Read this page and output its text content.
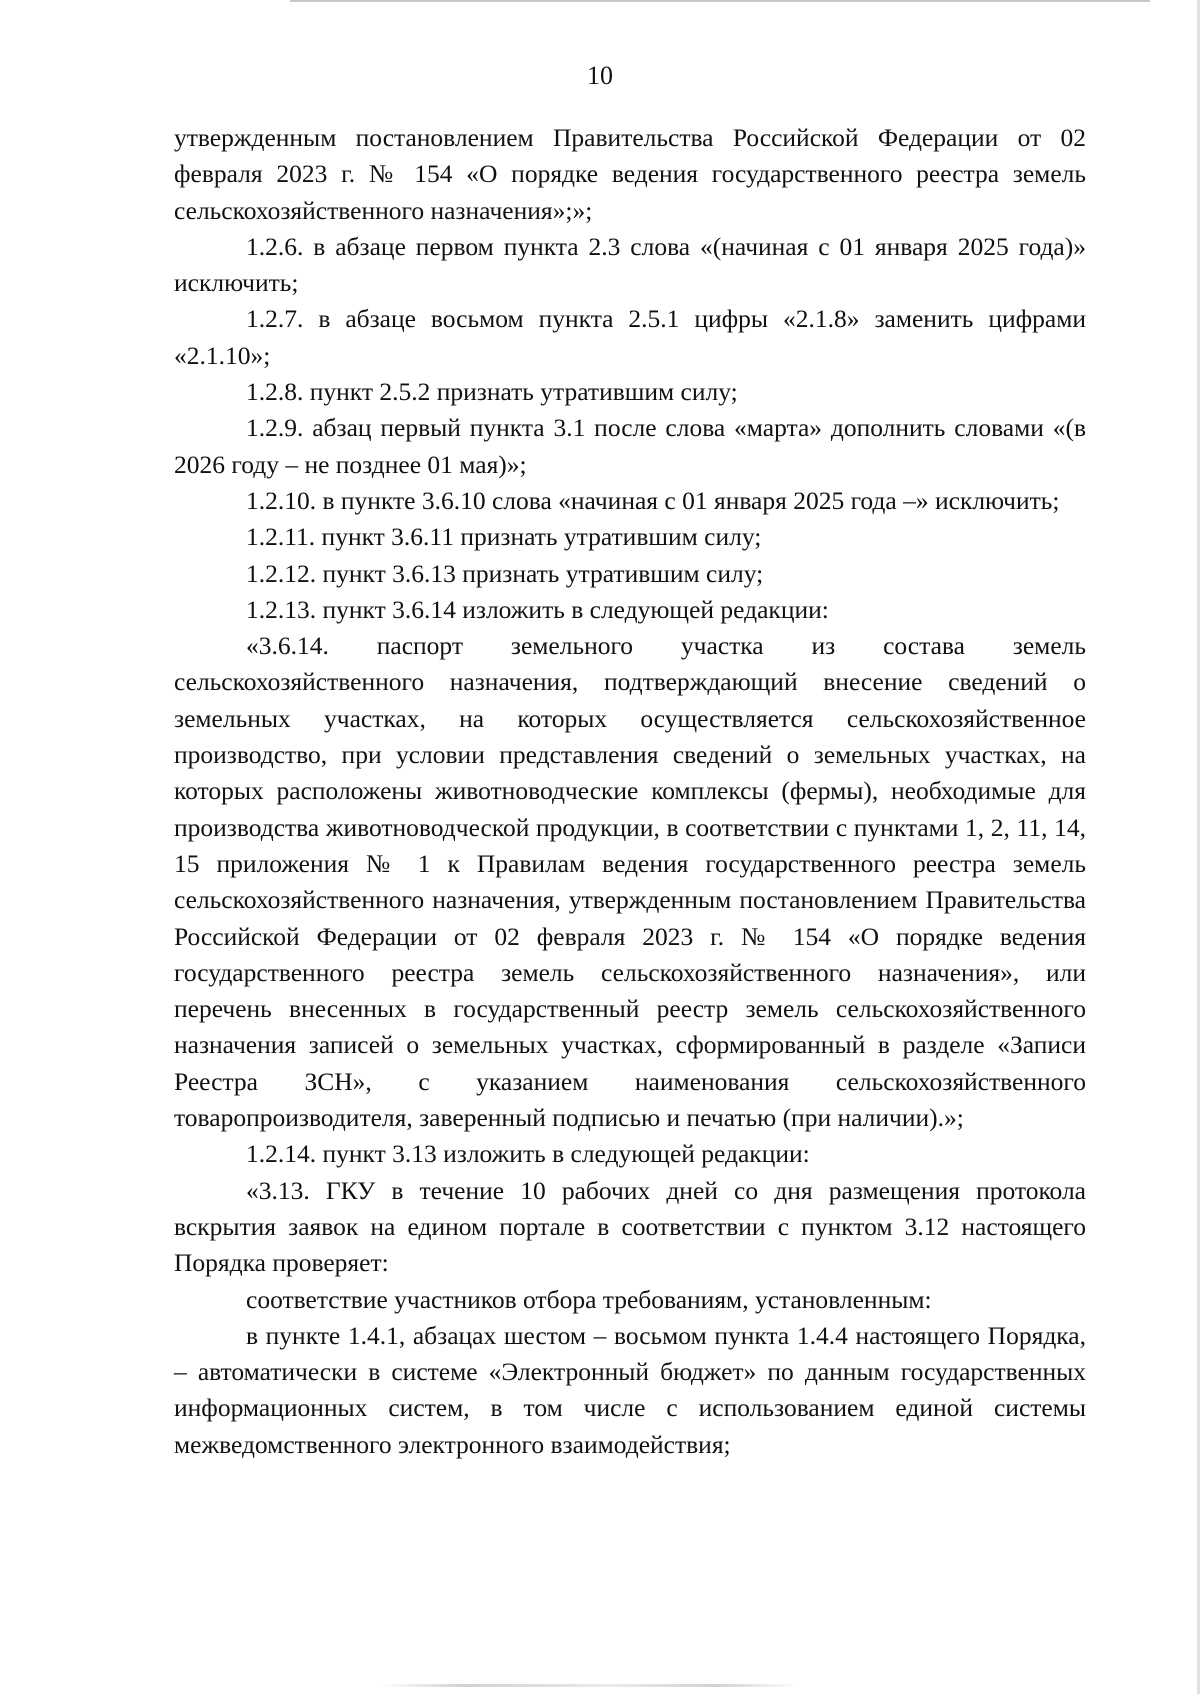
10

утвержденным постановлением Правительства Российской Федерации от 02 февраля 2023 г. № 154 «О порядке ведения государственного реестра земель сельскохозяйственного назначения»;»;

1.2.6. в абзаце первом пункта 2.3 слова «(начиная с 01 января 2025 года)» исключить;

1.2.7. в абзаце восьмом пункта 2.5.1 цифры «2.1.8» заменить цифрами «2.1.10»;

1.2.8. пункт 2.5.2 признать утратившим силу;

1.2.9. абзац первый пункта 3.1 после слова «марта» дополнить словами «(в 2026 году – не позднее 01 мая)»;

1.2.10. в пункте 3.6.10 слова «начиная с 01 января 2025 года –» исключить;

1.2.11. пункт 3.6.11 признать утратившим силу;

1.2.12. пункт 3.6.13 признать утратившим силу;

1.2.13. пункт 3.6.14 изложить в следующей редакции:

«3.6.14. паспорт земельного участка из состава земель сельскохозяйственного назначения, подтверждающий внесение сведений о земельных участках, на которых осуществляется сельскохозяйственное производство, при условии представления сведений о земельных участках, на которых расположены животноводческие комплексы (фермы), необходимые для производства животноводческой продукции, в соответствии с пунктами 1, 2, 11, 14, 15 приложения № 1 к Правилам ведения государственного реестра земель сельскохозяйственного назначения, утвержденным постановлением Правительства Российской Федерации от 02 февраля 2023 г. № 154 «О порядке ведения государственного реестра земель сельскохозяйственного назначения», или перечень внесенных в государственный реестр земель сельскохозяйственного назначения записей о земельных участках, сформированный в разделе «Записи Реестра ЗСН», с указанием наименования сельскохозяйственного товаропроизводителя, заверенный подписью и печатью (при наличии).»;

1.2.14. пункт 3.13 изложить в следующей редакции:

«3.13. ГКУ в течение 10 рабочих дней со дня размещения протокола вскрытия заявок на едином портале в соответствии с пунктом 3.12 настоящего Порядка проверяет:

соответствие участников отбора требованиям, установленным:

в пункте 1.4.1, абзацах шестом – восьмом пункта 1.4.4 настоящего Порядка, – автоматически в системе «Электронный бюджет» по данным государственных информационных систем, в том числе с использованием единой системы межведомственного электронного взаимодействия;
